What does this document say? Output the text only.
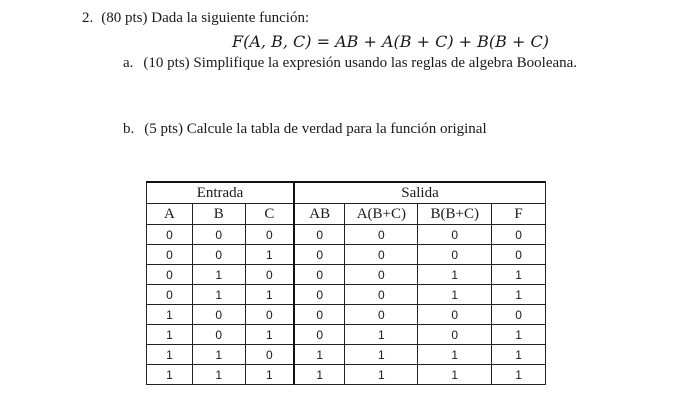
2. (80 pts) Dada la siguiente función:
F(A, B, C) = AB + A(B + C) + B(B + C)
a. (10 pts) Simplifique la expresión usando las reglas de algebra Booleana.
b. (5 pts) Calcule la tabla de verdad para la función original
Entrada			Salida			
A	B	C	AB	A(B+C)	B(B+C)	F
0	0	0	0	0	0	0
0	0	1	0	0	0	0
0	1	0	0	0	1	1
0	1	1	0	0	1	1
1	0	0	0	0	0	0
1	0	1	0	1	0	1
1	1	0	1	1	1	1
1	1	1	1	1	1	1
